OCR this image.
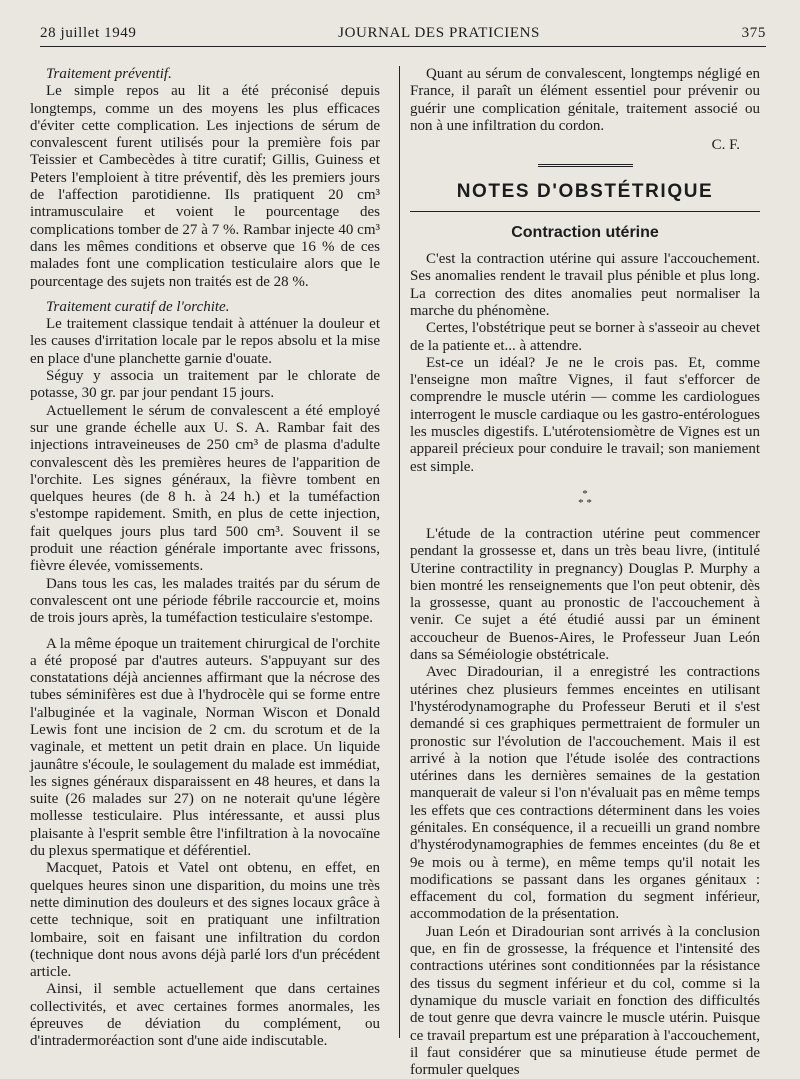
28 juillet 1949	JOURNAL DES PRATICIENS	375

Traitement préventif.

Le simple repos au lit a été préconisé depuis longtemps, comme un des moyens les plus efficaces d'éviter cette complication. Les injections de sérum de convalescent furent utilisés pour la première fois par Teissier et Cambecèdes à titre curatif; Gillis, Guiness et Peters l'emploient à titre préventif, dès les premiers jours de l'affection parotidienne. Ils pratiquent 20 cm³ intramusculaire et voient le pourcentage des complications tomber de 27 à 7 %. Rambar injecte 40 cm³ dans les mêmes conditions et observe que 16 % de ces malades font une complication testiculaire alors que le pourcentage des sujets non traités est de 28 %.

Traitement curatif de l'orchite.

Le traitement classique tendait à atténuer la douleur et les causes d'irritation locale par le repos absolu et la mise en place d'une planchette garnie d'ouate.

Séguy y associa un traitement par le chlorate de potasse, 30 gr. par jour pendant 15 jours.

Actuellement le sérum de convalescent a été employé sur une grande échelle aux U. S. A. Rambar fait des injections intraveineuses de 250 cm³ de plasma d'adulte convalescent dès les premières heures de l'apparition de l'orchite. Les signes généraux, la fièvre tombent en quelques heures (de 8 h. à 24 h.) et la tuméfaction s'estompe rapidement. Smith, en plus de cette injection, fait quelques jours plus tard 500 cm³. Souvent il se produit une réaction générale importante avec frissons, fièvre élevée, vomissements.

Dans tous les cas, les malades traités par du sérum de convalescent ont une période fébrile raccourcie et, moins de trois jours après, la tuméfaction testiculaire s'estompe.

A la même époque un traitement chirurgical de l'orchite a été proposé par d'autres auteurs. S'appuyant sur des constatations déjà anciennes affirmant que la nécrose des tubes séminifères est due à l'hydrocèle qui se forme entre l'albuginée et la vaginale, Norman Wiscon et Donald Lewis font une incision de 2 cm. du scrotum et de la vaginale, et mettent un petit drain en place. Un liquide jaunâtre s'écoule, le soulagement du malade est immédiat, les signes généraux disparaissent en 48 heures, et dans la suite (26 malades sur 27) on ne noterait qu'une légère mollesse testiculaire. Plus intéressante, et aussi plus plaisante à l'esprit semble être l'infiltration à la novocaïne du plexus spermatique et déférentiel.

Macquet, Patois et Vatel ont obtenu, en effet, en quelques heures sinon une disparition, du moins une très nette diminution des douleurs et des signes locaux grâce à cette technique, soit en pratiquant une infiltration lombaire, soit en faisant une infiltration du cordon (technique dont nous avons déjà parlé lors d'un précédent article.

Ainsi, il semble actuellement que dans certaines collectivités, et avec certaines formes anormales, les épreuves de déviation du complément, ou d'intradermoréaction sont d'une aide indiscutable.

Quant au sérum de convalescent, longtemps négligé en France, il paraît un élément essentiel pour prévenir ou guérir une complication génitale, traitement associé ou non à une infiltration du cordon.

C. F.

NOTES D'OBSTÉTRIQUE
Contraction utérine

C'est la contraction utérine qui assure l'accouchement. Ses anomalies rendent le travail plus pénible et plus long. La correction des dites anomalies peut normaliser la marche du phénomène.

Certes, l'obstétrique peut se borner à s'asseoir au chevet de la patiente et... à attendre.

Est-ce un idéal? Je ne le crois pas. Et, comme l'enseigne mon maître Vignes, il faut s'efforcer de comprendre le muscle utérin — comme les cardiologues interrogent le muscle cardiaque ou les gastro-entérologues les muscles digestifs. L'utérotensiomètre de Vignes est un appareil précieux pour conduire le travail; son maniement est simple.

*
* *

L'étude de la contraction utérine peut commencer pendant la grossesse et, dans un très beau livre, (intitulé Uterine contractility in pregnancy) Douglas P. Murphy a bien montré les renseignements que l'on peut obtenir, dès la grossesse, quant au pronostic de l'accouchement à venir. Ce sujet a été étudié aussi par un éminent accoucheur de Buenos-Aires, le Professeur Juan León dans sa Séméiologie obstétricale.

Avec Diradourian, il a enregistré les contractions utérines chez plusieurs femmes enceintes en utilisant l'hystérodynamographe du Professeur Beruti et il s'est demandé si ces graphiques permettraient de formuler un pronostic sur l'évolution de l'accouchement. Mais il est arrivé à la notion que l'étude isolée des contractions utérines dans les dernières semaines de la gestation manquerait de valeur si l'on n'évaluait pas en même temps les effets que ces contractions déterminent dans les voies génitales. En conséquence, il a recueilli un grand nombre d'hystérodynamographies de femmes enceintes (du 8e et 9e mois ou à terme), en même temps qu'il notait les modifications se passant dans les organes génitaux : effacement du col, formation du segment inférieur, accommodation de la présentation.

Juan León et Diradourian sont arrivés à la conclusion que, en fin de grossesse, la fréquence et l'intensité des contractions utérines sont conditionnées par la résistance des tissus du segment inférieur et du col, comme si la dynamique du muscle variait en fonction des difficultés de tout genre que devra vaincre le muscle utérin. Puisque ce travail prepartum est une préparation à l'accouchement, il faut considérer que sa minutieuse étude permet de formuler quelques
